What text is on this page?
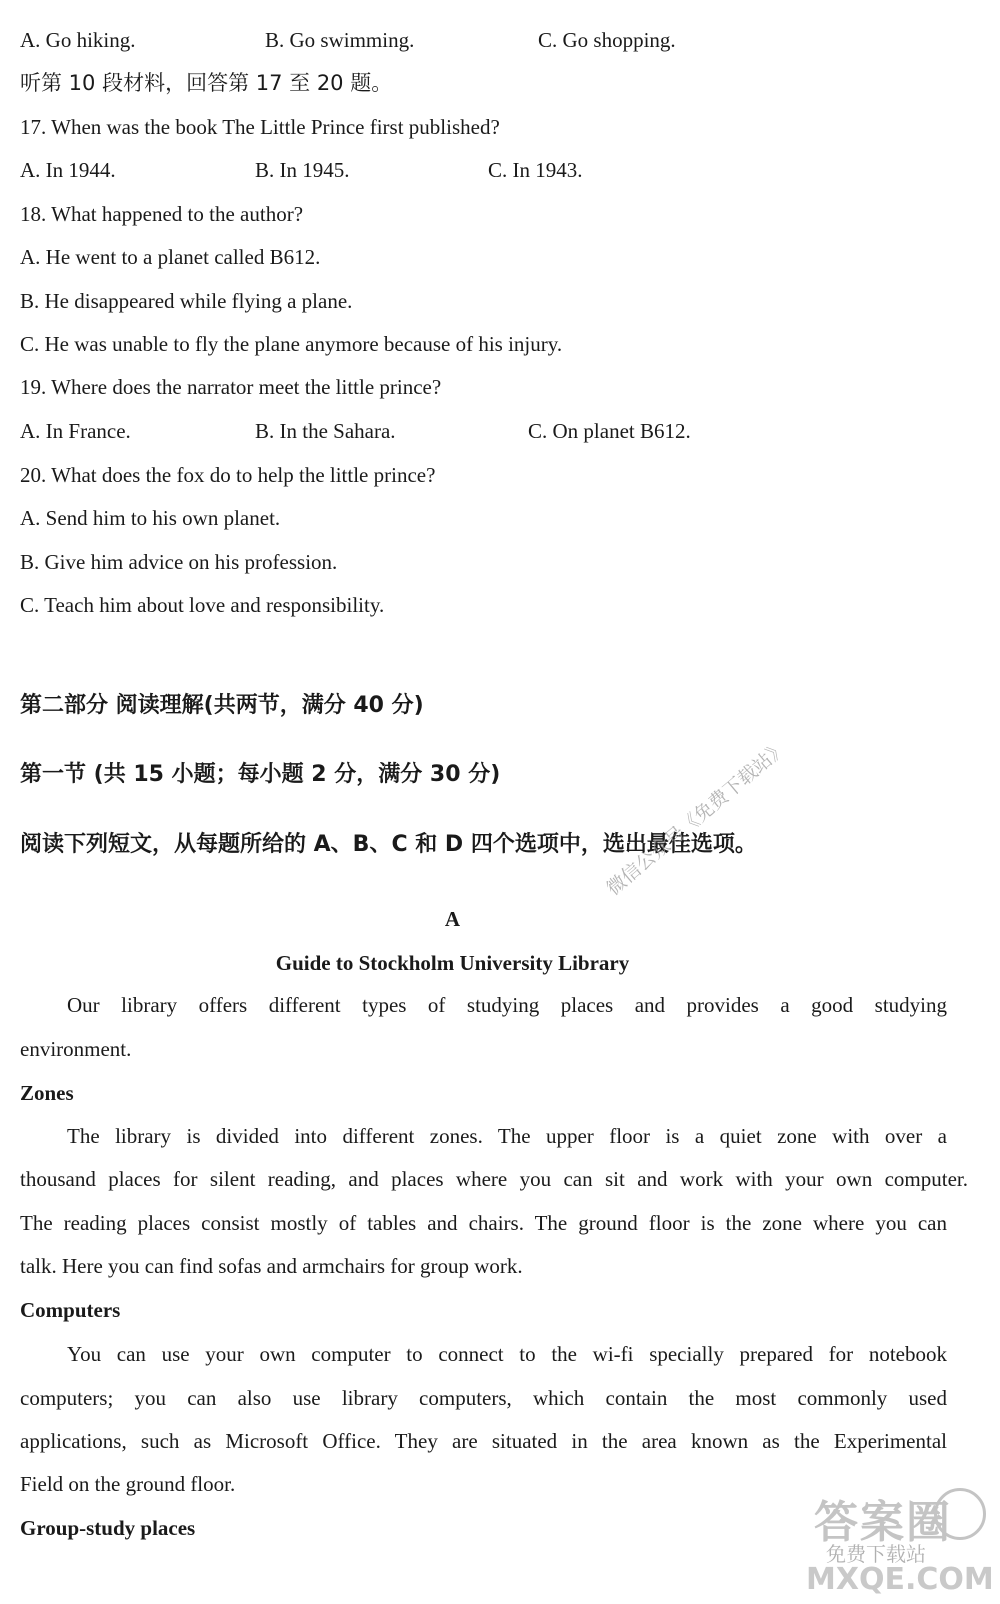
A. Go hiking.	B. Go swimming.	C. Go shopping.
听第 10 段材料，回答第 17 至 20 题。
17. When was the book The Little Prince first published?
A. In 1944.	B. In 1945.	C. In 1943.
18. What happened to the author?
A. He went to a planet called B612.
B. He disappeared while flying a plane.
C. He was unable to fly the plane anymore because of his injury.
19. Where does the narrator meet the little prince?
A. In France.	B. In the Sahara.	C. On planet B612.
20. What does the fox do to help the little prince?
A. Send him to his own planet.
B. Give him advice on his profession.
C. Teach him about love and responsibility.
第二部分 阅读理解(共两节，满分 40 分)
第一节 (共 15 小题；每小题 2 分，满分 30 分)
阅读下列短文，从每题所给的 A、B、C 和 D 四个选项中，选出最佳选项。
A
Guide to Stockholm University Library
Our library offers different types of studying places and provides a good studying
environment.
Zones
The library is divided into different zones. The upper floor is a quiet zone with over a
thousand places for silent reading, and places where you can sit and work with your own computer.
The reading places consist mostly of tables and chairs. The ground floor is the zone where you can
talk. Here you can find sofas and armchairs for group work.
Computers
You can use your own computer to connect to the wi-fi specially prepared for notebook
computers; you can also use library computers, which contain the most commonly used
applications, such as Microsoft Office. They are situated in the area known as the Experimental
Field on the ground floor.
Group-study places
微信公众号《免费下载站》
答案圈
免费下载站
MXQE.COM
